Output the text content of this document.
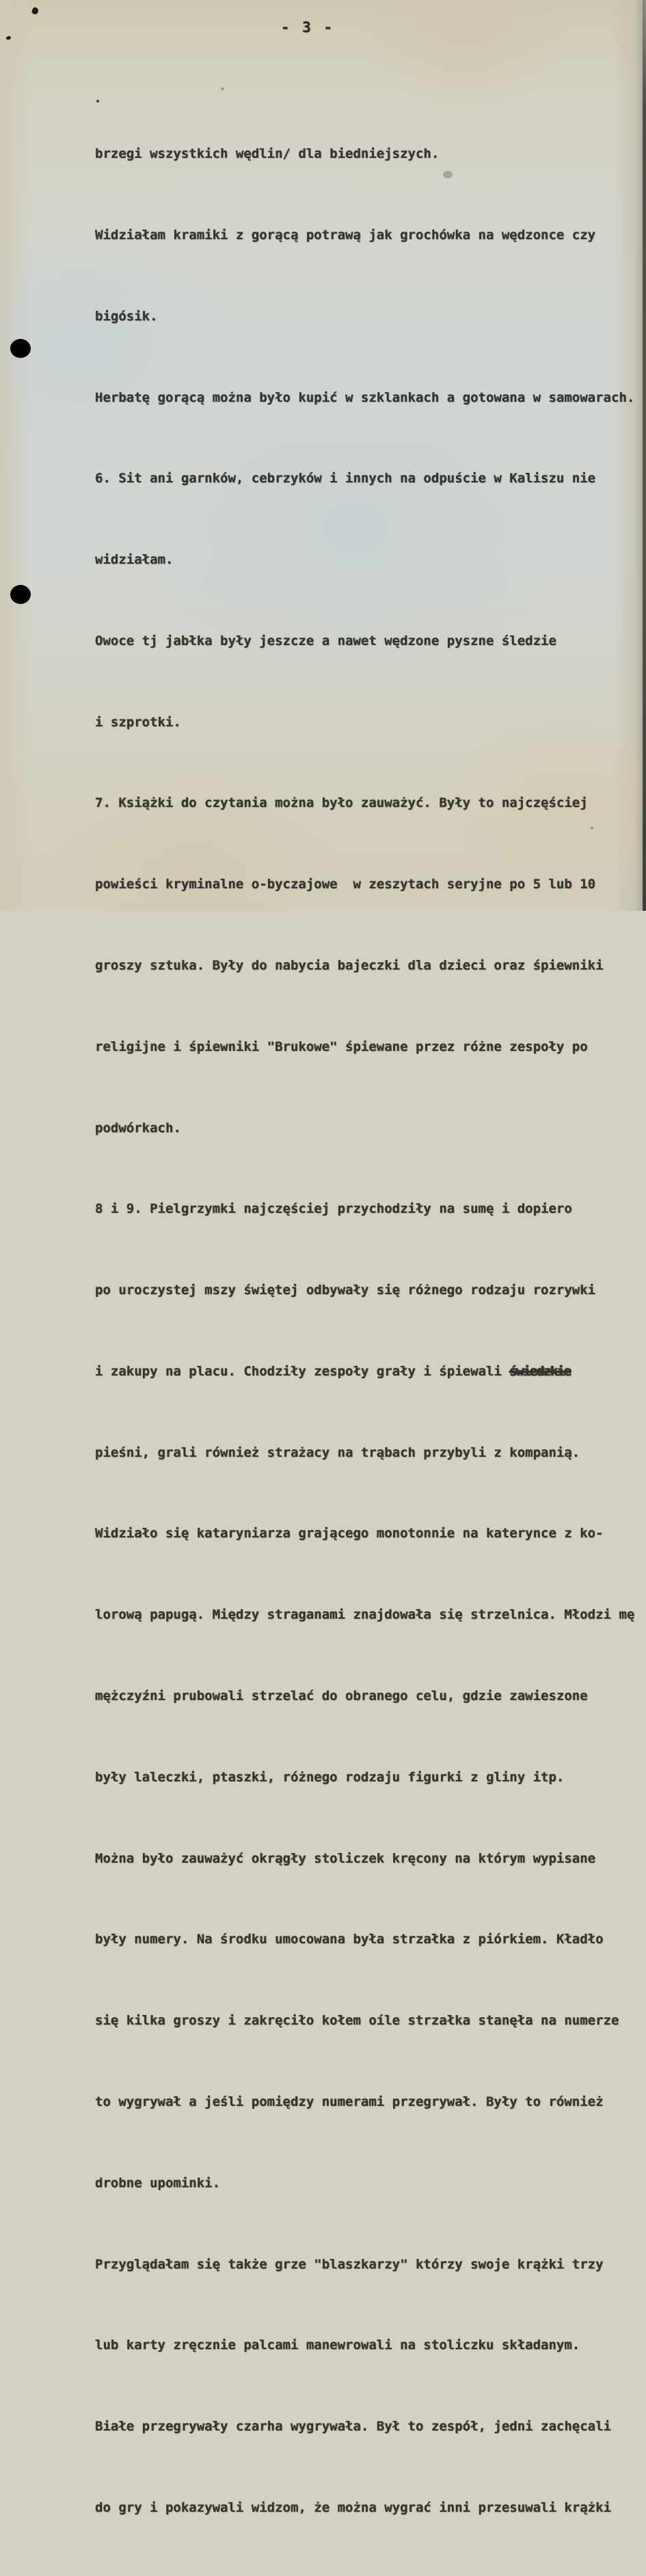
- 3 -

brzegi wszystkich wędlin/ dla biedniejszych.

Widziałam kramiki z gorącą potrawą jak grochówka na wędzonce czy

bigósik.

Herbatę gorącą można było kupić w szklankach a gotowana w samowarach.

6. Sit ani garnków, cebrzyków i innych na odpuście w Kaliszu nie

widziałam.

Owoce tj jabłka były jeszcze a nawet wędzone pyszne śledzie

i szprotki.

7. Książki do czytania można było zauważyć. Były to najczęściej

powieści kryminalne o-byczajowe  w zeszytach seryjne po 5 lub 10

groszy sztuka. Były do nabycia bajeczki dla dzieci oraz śpiewniki

religijne i śpiewniki "Brukowe" śpiewane przez różne zespoły po

podwórkach.

8 i 9. Pielgrzymki najczęściej przychodziły na sumę i dopiero

po uroczystej mszy świętej odbywały się różnego rodzaju rozrywki

i zakupy na placu. Chodziły zespoły grały i śpiewali świedzkie

pieśni, grali również strażacy na trąbach przybyli z kompanią.

Widziało się kataryniarza grającego monotonnie na katerynce z ko-

lorową papugą. Między straganami znajdowała się strzelnica. Młodzi mę

mężczyźni prubowali strzelać do obranego celu, gdzie zawieszone

były laleczki, ptaszki, różnego rodzaju figurki z gliny itp.

Można było zauważyć okrągły stoliczek kręcony na którym wypisane

były numery. Na środku umocowana była strzałka z piórkiem. Kładło

się kilka groszy i zakręciło kołem oíle strzałka stanęła na numerze

to wygrywał a jeśli pomiędzy numerami przegrywał. Były to również

drobne upominki.

Przyglądałam się także grze "blaszkarzy" którzy swoje krążki trzy

lub karty zręcznie palcami manewrowali na stoliczku składanym.

Białe przegrywały czarha wygrywała. Był to zespół, jedni zachęcali

do gry i pokazywali widzom, że można wygrać inni przesuwali krążki
